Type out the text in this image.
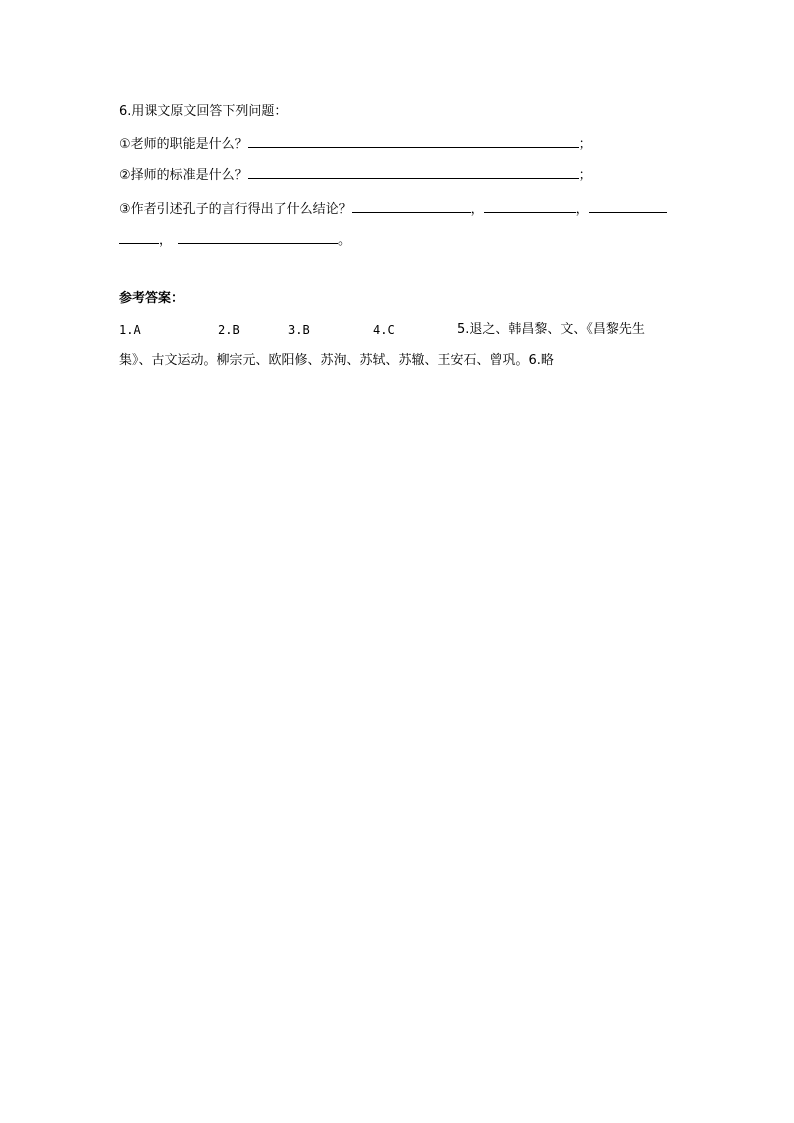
6.用课文原文回答下列问题：
①老师的职能是什么？	；
②择师的标准是什么？	；
③作者引述孔子的言行得出了什么结论？	，	，
，	。
参考答案：
1.A	2.B	3.B	4.C	5.退之、韩昌黎、文、《昌黎先生
集》、古文运动。柳宗元、欧阳修、苏洵、苏轼、苏辙、王安石、曾巩。6.略
